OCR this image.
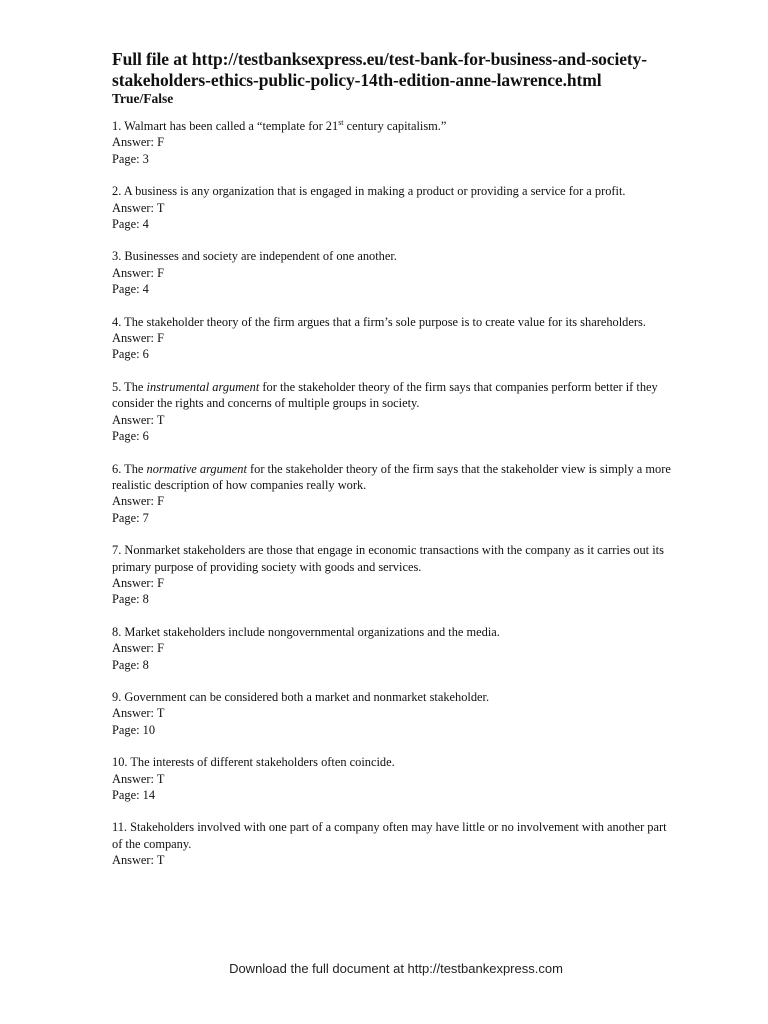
Full file at http://testbanksexpress.eu/test-bank-for-business-and-society-stakeholders-ethics-public-policy-14th-edition-anne-lawrence.html
True/False

1. Walmart has been called a “template for 21st century capitalism.”

Answer: F

Page: 3

2. A business is any organization that is engaged in making a product or providing a service for a profit.

Answer: T

Page: 4

3. Businesses and society are independent of one another.

Answer: F

Page: 4

4. The stakeholder theory of the firm argues that a firm’s sole purpose is to create value for its shareholders.

Answer: F

Page: 6

5. The instrumental argument for the stakeholder theory of the firm says that companies perform better if they consider the rights and concerns of multiple groups in society.

Answer: T

Page: 6

6. The normative argument for the stakeholder theory of the firm says that the stakeholder view is simply a more realistic description of how companies really work.

Answer: F

Page: 7

7. Nonmarket stakeholders are those that engage in economic transactions with the company as it carries out its primary purpose of providing society with goods and services.

Answer: F

Page: 8

8. Market stakeholders include nongovernmental organizations and the media.

Answer: F

Page: 8

9. Government can be considered both a market and nonmarket stakeholder.

Answer: T

Page: 10

10. The interests of different stakeholders often coincide.

Answer: T

Page: 14

11. Stakeholders involved with one part of a company often may have little or no involvement with another part of the company.

Answer: T

Download the full document at http://testbankexpress.com
